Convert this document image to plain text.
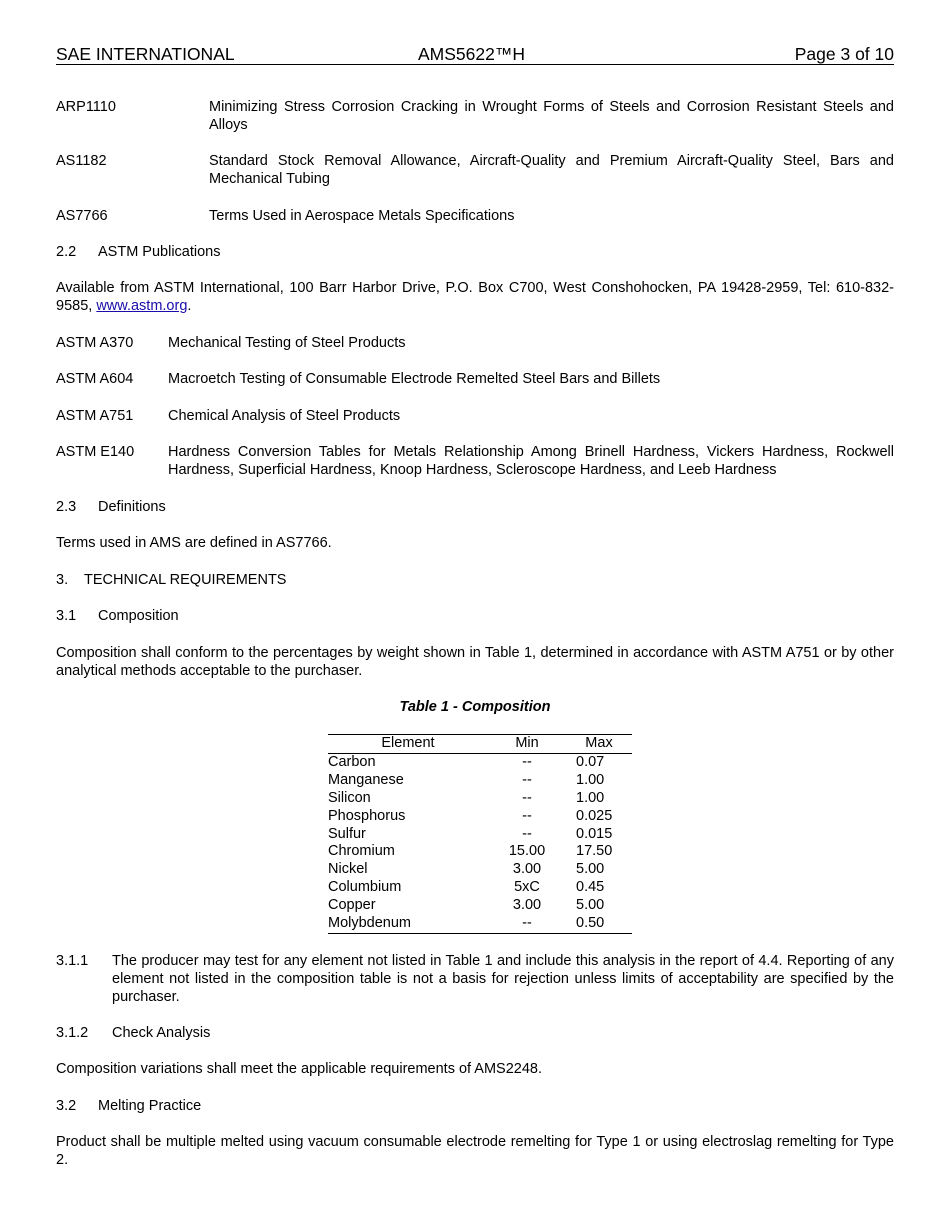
SAE INTERNATIONAL	AMS5622™H	Page 3 of 10
ARP1110	Minimizing Stress Corrosion Cracking in Wrought Forms of Steels and Corrosion Resistant Steels and Alloys
AS1182	Standard Stock Removal Allowance, Aircraft-Quality and Premium Aircraft-Quality Steel, Bars and Mechanical Tubing
AS7766	Terms Used in Aerospace Metals Specifications
2.2 ASTM Publications
Available from ASTM International, 100 Barr Harbor Drive, P.O. Box C700, West Conshohocken, PA 19428-2959, Tel: 610-832-9585, www.astm.org.
ASTM A370 Mechanical Testing of Steel Products
ASTM A604 Macroetch Testing of Consumable Electrode Remelted Steel Bars and Billets
ASTM A751 Chemical Analysis of Steel Products
ASTM E140 Hardness Conversion Tables for Metals Relationship Among Brinell Hardness, Vickers Hardness, Rockwell Hardness, Superficial Hardness, Knoop Hardness, Scleroscope Hardness, and Leeb Hardness
2.3 Definitions
Terms used in AMS are defined in AS7766.
3. TECHNICAL REQUIREMENTS
3.1 Composition
Composition shall conform to the percentages by weight shown in Table 1, determined in accordance with ASTM A751 or by other analytical methods acceptable to the purchaser.
Table 1 - Composition
Element	Min	Max
Carbon	--	0.07
Manganese	--	1.00
Silicon	--	1.00
Phosphorus	--	0.025
Sulfur	--	0.015
Chromium	15.00	17.50
Nickel	3.00	5.00
Columbium	5xC	0.45
Copper	3.00	5.00
Molybdenum	--	0.50
3.1.1 The producer may test for any element not listed in Table 1 and include this analysis in the report of 4.4. Reporting of any element not listed in the composition table is not a basis for rejection unless limits of acceptability are specified by the purchaser.
3.1.2 Check Analysis
Composition variations shall meet the applicable requirements of AMS2248.
3.2 Melting Practice
Product shall be multiple melted using vacuum consumable electrode remelting for Type 1 or using electroslag remelting for Type 2.
